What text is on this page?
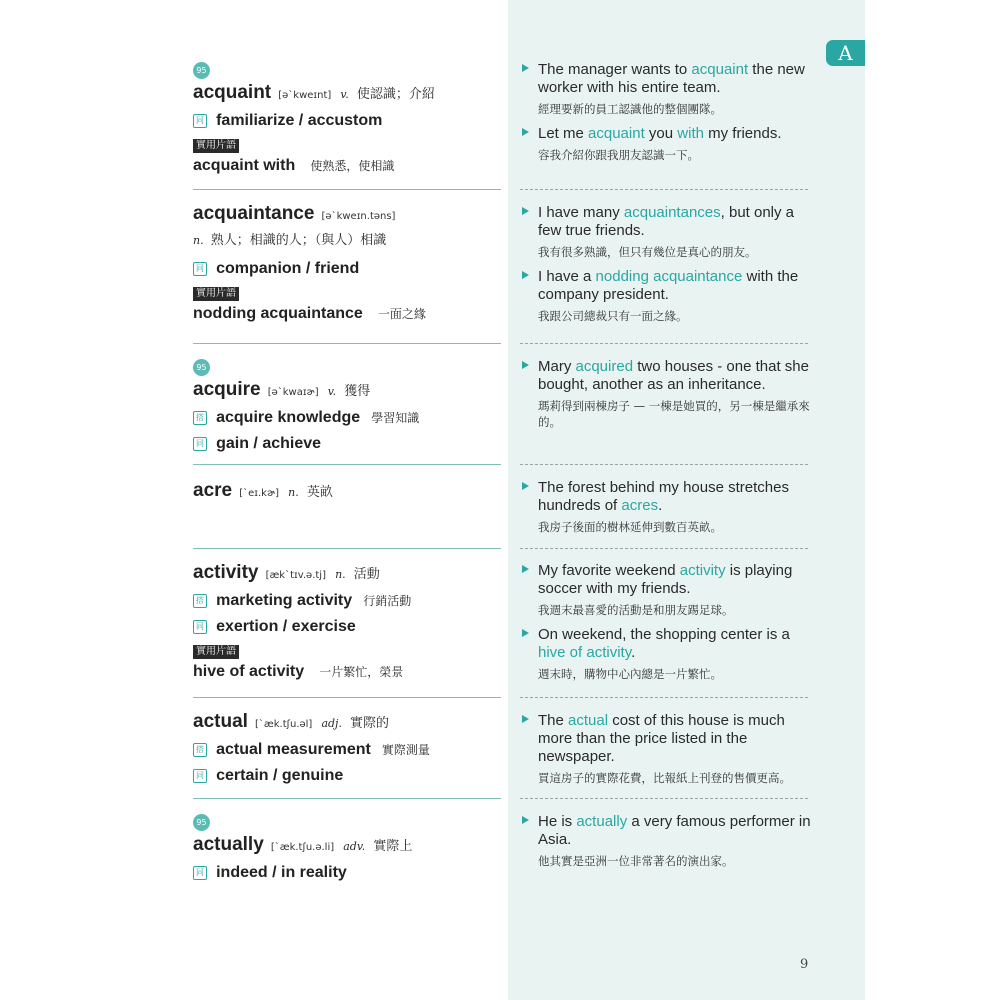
A
95
acquaint [ə`kweɪnt] v. 使認識；介紹
同 familiarize / accustom
實用片語
acquaint with 使熟悉，使相識
acquaintance [ə`kweɪn.təns]
n. 熟人；相識的人；（與人）相識
同 companion / friend
實用片語
nodding acquaintance 一面之緣
95
acquire [ə`kwaɪɚ] v. 獲得
搭 acquire knowledge 學習知識
同 gain / achieve
acre [`eɪ.kɚ] n. 英畝
activity [æk`tɪv.ə.tj] n. 活動
搭 marketing activity 行銷活動
同 exertion / exercise
實用片語
hive of activity 一片繁忙，榮景
actual [`æk.tʃu.əl] adj. 實際的
搭 actual measurement 實際測量
同 certain / genuine
95
actually [`æk.tʃu.ə.li] adv. 實際上
同 indeed / in reality
The manager wants to acquaint the new worker with his entire team.
經理要新的員工認識他的整個團隊。
Let me acquaint you with my friends.
容我介紹你跟我朋友認識一下。
I have many acquaintances, but only a few true friends.
我有很多熟識，但只有幾位是真心的朋友。
I have a nodding acquaintance with the company president.
我跟公司總裁只有一面之緣。
Mary acquired two houses - one that she bought, another as an inheritance.
瑪莉得到兩棟房子 — 一棟是她買的，另一棟是繼承來的。
The forest behind my house stretches hundreds of acres.
我房子後面的樹林延伸到數百英畝。
My favorite weekend activity is playing soccer with my friends.
我週末最喜愛的活動是和朋友踢足球。
On weekend, the shopping center is a hive of activity.
週末時，購物中心內總是一片繁忙。
The actual cost of this house is much more than the price listed in the newspaper.
買這房子的實際花費，比報紙上刊登的售價更高。
He is actually a very famous performer in Asia.
他其實是亞洲一位非常著名的演出家。
9
